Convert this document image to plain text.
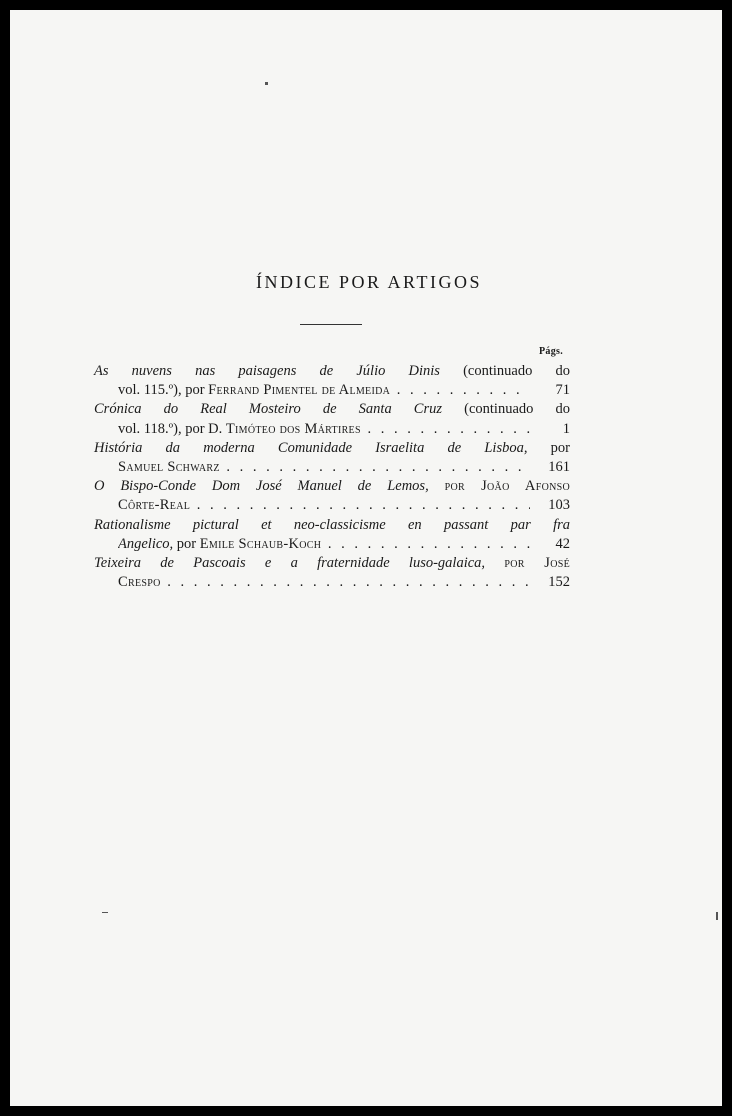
ÍNDICE POR ARTIGOS
Págs.
As nuvens nas paisagens de Júlio Dinis (continuado do
vol. 115.º), por Ferrand Pimentel de Almeida . . .	71
Crónica do Real Mosteiro de Santa Cruz (continuado do
vol. 118.º), por D. Timóteo dos Mártires . . .	1
História da moderna Comunidade Israelita de Lisboa, por
Samuel Schwarz . . .	161
O Bispo-Conde Dom José Manuel de Lemos, por João Afonso
Côrte-Real . . .	103
Rationalisme pictural et neo-classicisme en passant par fra
Angelico, por Emile Schaub-Koch . . .	42
Teixeira de Pascoais e a fraternidade luso-galaica, por José
Crespo . . .	152
